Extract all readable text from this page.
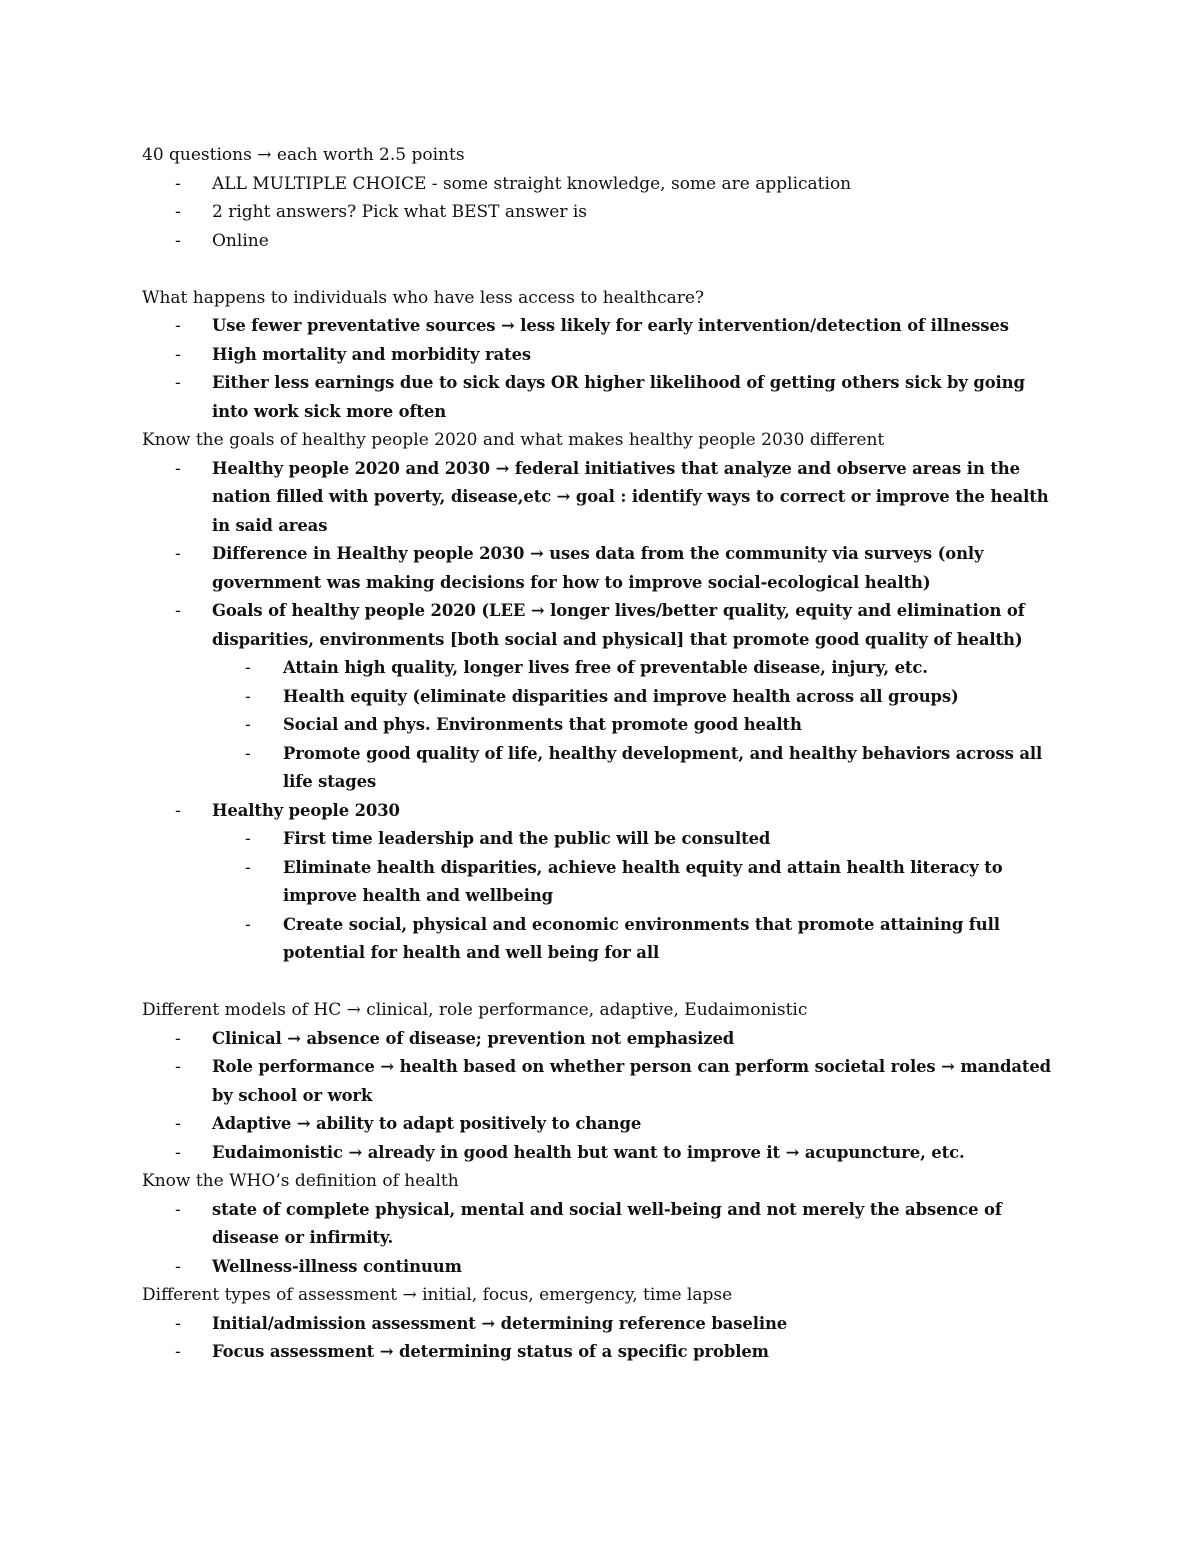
40 questions → each worth 2.5 points
- ALL MULTIPLE CHOICE - some straight knowledge, some are application
- 2 right answers? Pick what BEST answer is
- Online
What happens to individuals who have less access to healthcare?
- Use fewer preventative sources → less likely for early intervention/detection of illnesses
- High mortality and morbidity rates
- Either less earnings due to sick days OR higher likelihood of getting others sick by going into work sick more often
Know the goals of healthy people 2020 and what makes healthy people 2030 different
- Healthy people 2020 and 2030 → federal initiatives that analyze and observe areas in the nation filled with poverty, disease,etc → goal : identify ways to correct or improve the health in said areas
- Difference in Healthy people 2030 → uses data from the community via surveys (only government was making decisions for how to improve social-ecological health)
- Goals of healthy people 2020 (LEE → longer lives/better quality, equity and elimination of disparities, environments [both social and physical] that promote good quality of health)
- Attain high quality, longer lives free of preventable disease, injury, etc.
- Health equity (eliminate disparities and improve health across all groups)
- Social and phys. Environments that promote good health
- Promote good quality of life, healthy development, and healthy behaviors across all life stages
- Healthy people 2030
- First time leadership and the public will be consulted
- Eliminate health disparities, achieve health equity and attain health literacy to improve health and wellbeing
- Create social, physical and economic environments that promote attaining full potential for health and well being for all
Different models of HC → clinical, role performance, adaptive, Eudaimonistic
- Clinical → absence of disease; prevention not emphasized
- Role performance → health based on whether person can perform societal roles → mandated by school or work
- Adaptive → ability to adapt positively to change
- Eudaimonistic → already in good health but want to improve it → acupuncture, etc.
Know the WHO’s definition of health
- state of complete physical, mental and social well-being and not merely the absence of disease or infirmity.
- Wellness-illness continuum
Different types of assessment → initial, focus, emergency, time lapse
- Initial/admission assessment → determining reference baseline
- Focus assessment → determining status of a specific problem
